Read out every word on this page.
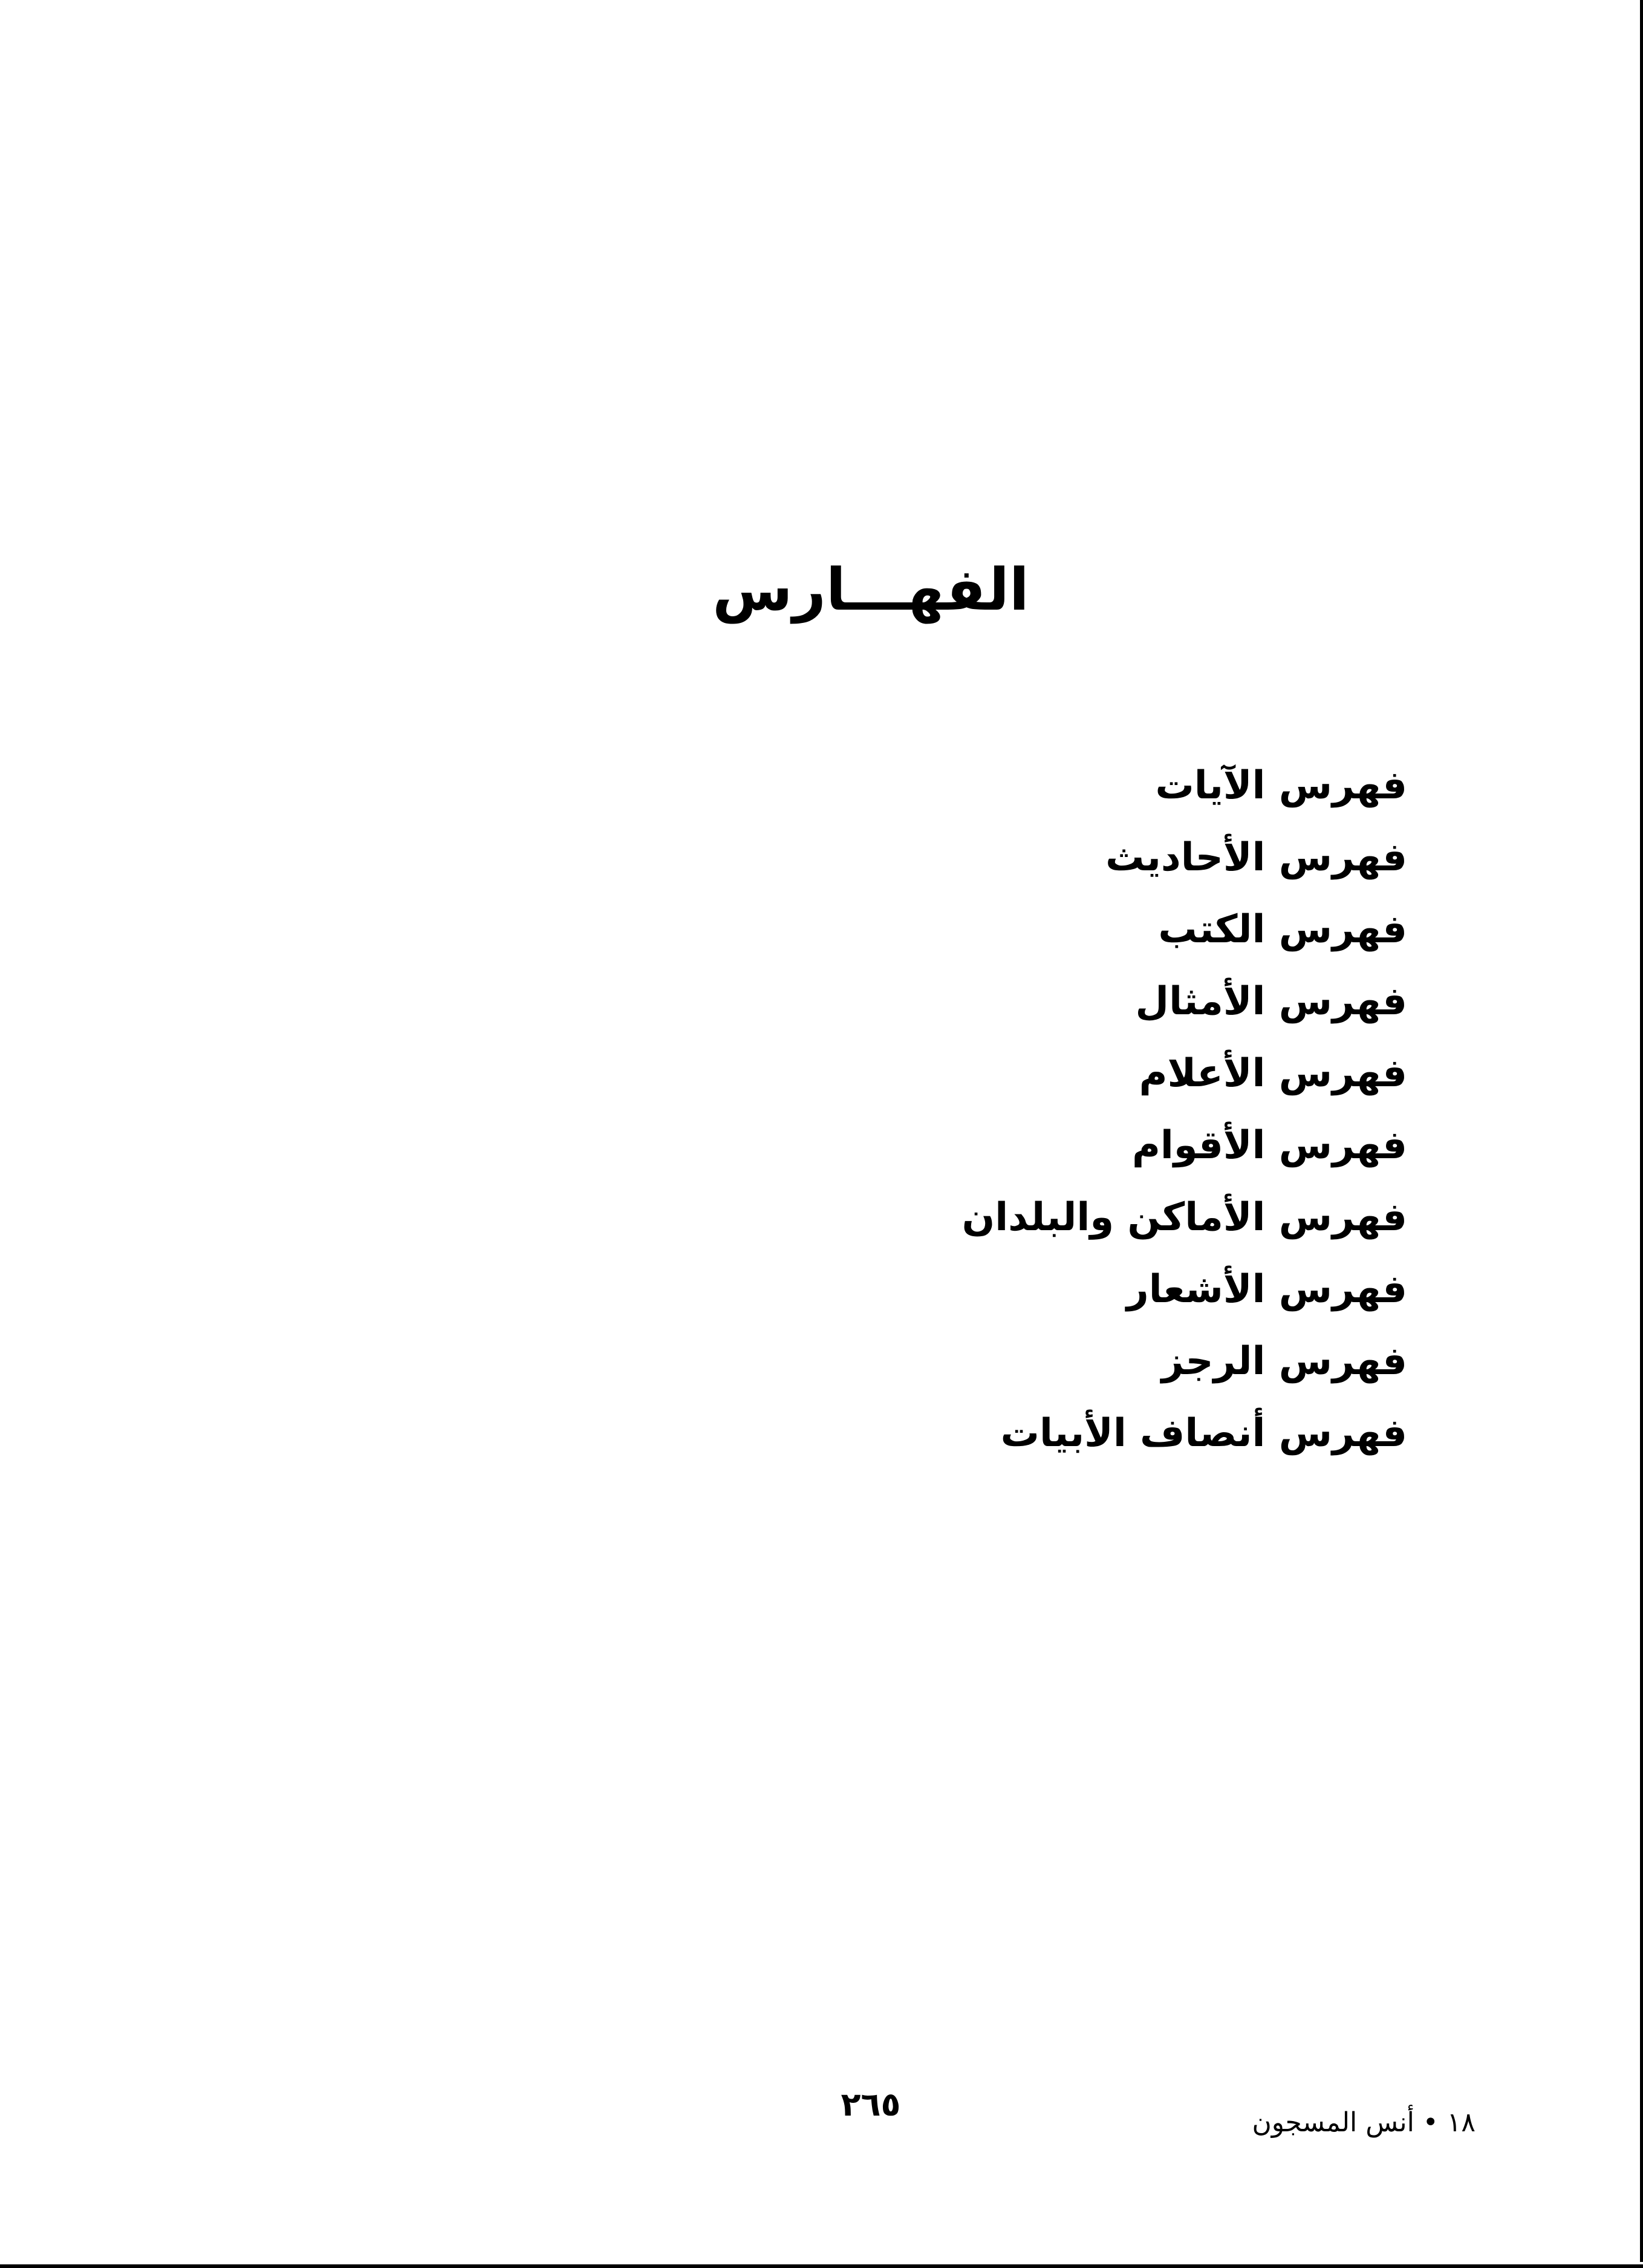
الفهـــارس
فهرس الآيات
فهرس الأحاديث
فهرس الكتب
فهرس الأمثال
فهرس الأعلام
فهرس الأقوام
فهرس الأماكن والبلدان
فهرس الأشعار
فهرس الرجز
فهرس أنصاف الأبيات
٢٦٥	١٨ • أنس المسجون
